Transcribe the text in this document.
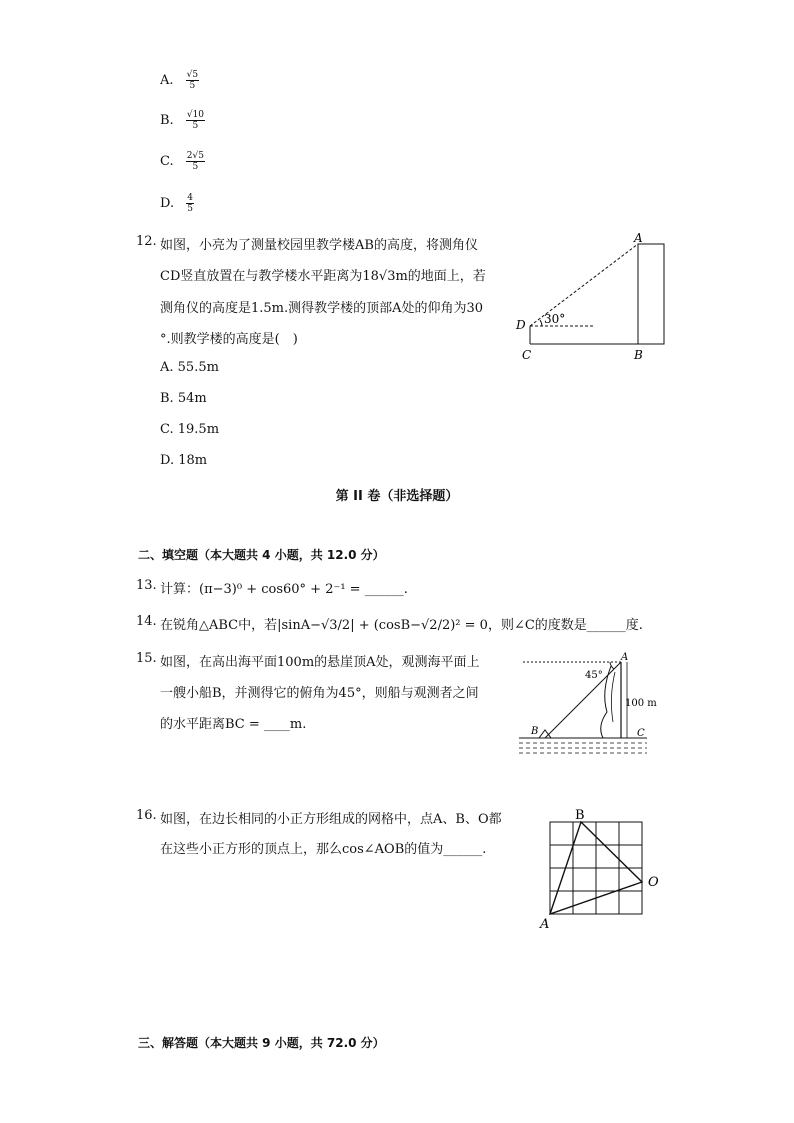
A. $\frac{√5}{5}$
B. $\frac{√10}{5}$
C. $\frac{2√5}{5}$
D. $\frac{4}{5}$
12. 如图，小亮为了测量校园里教学楼AB的高度，将测角仪
CD竖直放置在与教学楼水平距离为18√3m的地面上，若
测角仪的高度是1.5m.测得教学楼的顶部A处的仰角为30
°.则教学楼的高度是(　)
A. 55.5m
B. 54m
C. 19.5m
D. 18m
30°
A
D
C	B
第 II 卷（非选择题）
二、填空题（本大题共 4 小题，共 12.0 分）
13. 计算：(π−3)⁰ + cos60° + 2⁻¹ = ______.
14. 在锐角△ABC中，若|sinA−√3/2| + (cosB−√2/2)² = 0，则∠C的度数是______度.
15. 如图，在高出海平面100m的悬崖顶A处，观测海平面上
一艘小船B，并测得它的俯角为45°，则船与观测者之间
的水平距离BC = ____m.
45°
100 m
A
B	C
16. 如图，在边长相同的小正方形组成的网格中，点A、B、O都
在这些小正方形的顶点上，那么cos∠AOB的值为______.
B
O
A
三、解答题（本大题共 9 小题，共 72.0 分）
